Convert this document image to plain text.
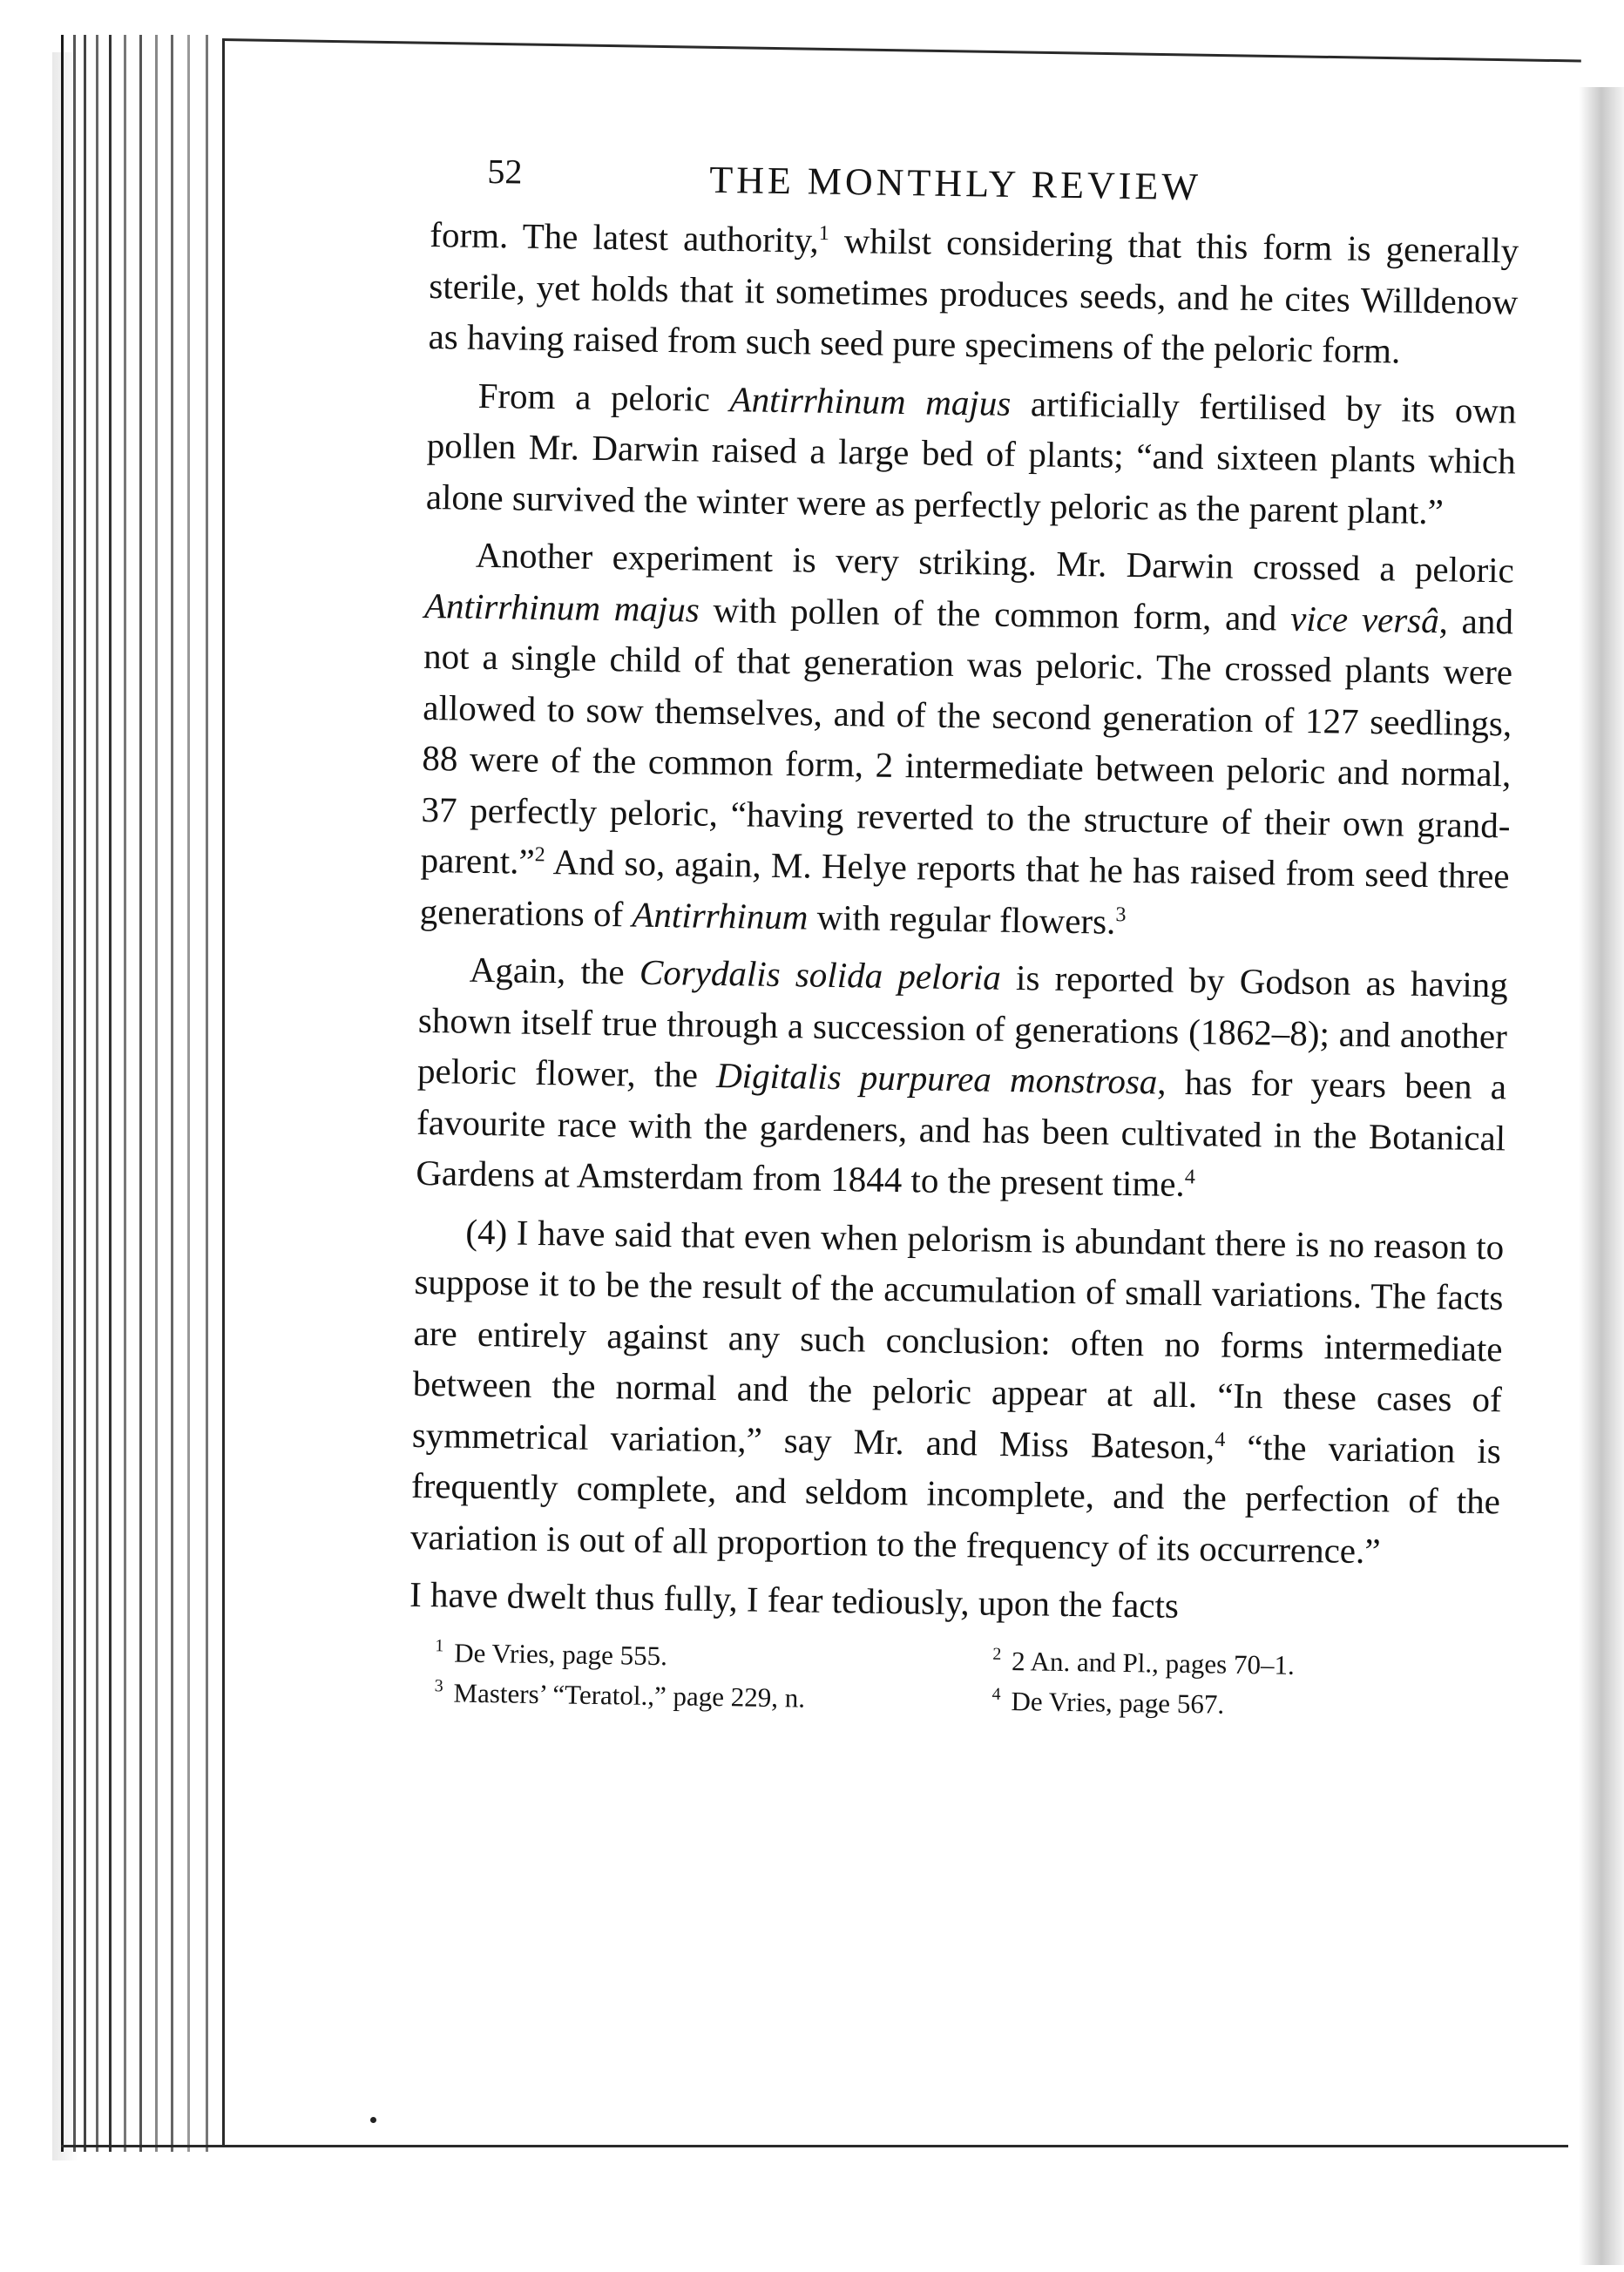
52	THE MONTHLY REVIEW

form. The latest authority,$^1$ whilst considering that this form is generally sterile, yet holds that it sometimes produces seeds, and he cites Willdenow as having raised from such seed pure specimens of the peloric form.

From a peloric Antirrhinum majus artificially fertilised by its own pollen Mr. Darwin raised a large bed of plants; “and sixteen plants which alone survived the winter were as perfectly peloric as the parent plant.”

Another experiment is very striking. Mr. Darwin crossed a peloric Antirrhinum majus with pollen of the common form, and vice versâ, and not a single child of that generation was peloric. The crossed plants were allowed to sow themselves, and of the second generation of 127 seedlings, 88 were of the common form, 2 intermediate between peloric and normal, 37 perfectly peloric, “having reverted to the structure of their own grand-parent.”$^2$ And so, again, M. Helye reports that he has raised from seed three generations of Antirrhinum with regular flowers.$^3$

Again, the Corydalis solida peloria is reported by Godson as having shown itself true through a succession of generations (1862–8); and another peloric flower, the Digitalis purpurea monstrosa, has for years been a favourite race with the gardeners, and has been cultivated in the Botanical Gardens at Amsterdam from 1844 to the present time.$^4$

(4) I have said that even when pelorism is abundant there is no reason to suppose it to be the result of the accumulation of small variations. The facts are entirely against any such conclusion: often no forms intermediate between the normal and the peloric appear at all. “In these cases of symmetrical variation,” say Mr. and Miss Bateson,$^4$ “the variation is frequently complete, and seldom incomplete, and the perfection of the variation is out of all proportion to the frequency of its occurrence.”

I have dwelt thus fully, I fear tediously, upon the facts

$^1$ De Vries, page 555.	$^2$ 2 An. and Pl., pages 70–1.
$^3$ Masters’ “Teratol.,” page 229, n.	$^4$ De Vries, page 567.
